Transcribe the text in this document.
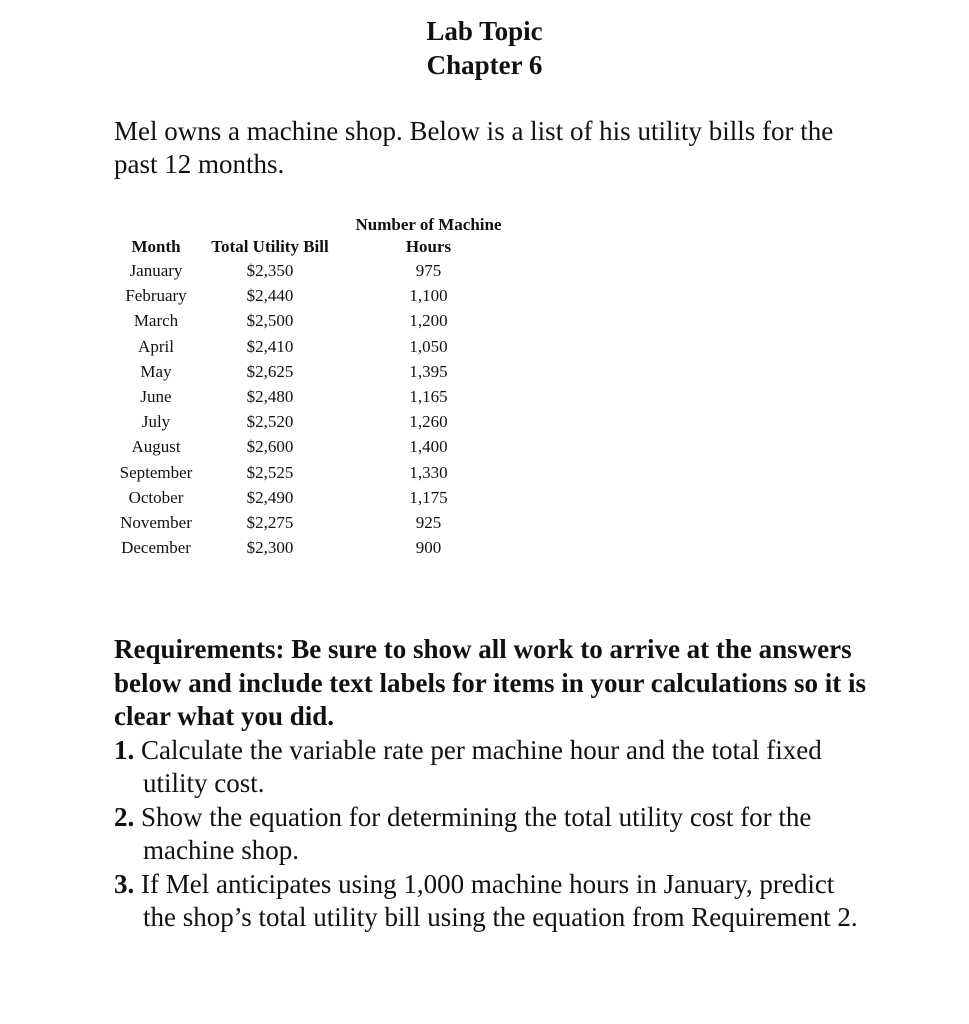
Lab Topic
Chapter 6
Mel owns a machine shop. Below is a list of his utility bills for the past 12 months.
Month	Total Utility Bill	Number of Machine
Hours

January	$2,350	975
February	$2,440	1,100
March	$2,500	1,200
April	$2,410	1,050
May	$2,625	1,395
June	$2,480	1,165
July	$2,520	1,260
August	$2,600	1,400
September	$2,525	1,330
October	$2,490	1,175
November	$2,275	925
December	$2,300	900
Requirements: Be sure to show all work to arrive at the answers below and include text labels for items in your calculations so it is clear what you did.
1. Calculate the variable rate per machine hour and the total fixed utility cost.
2. Show the equation for determining the total utility cost for the machine shop.
3. If Mel anticipates using 1,000 machine hours in January, predict the shop’s total utility bill using the equation from Requirement 2.
